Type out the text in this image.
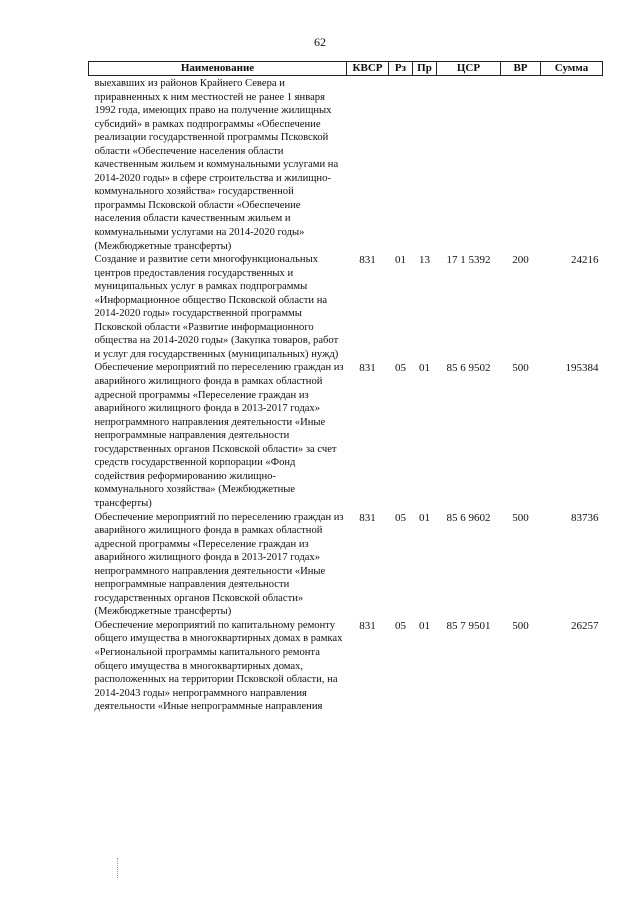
62
Наименование	КВСР	Рз	Пр	ЦСР	ВР	Сумма
выехавших из районов Крайнего Севера и приравненных к ним местностей не ранее 1 января 1992 года, имеющих право на получение жилищных субсидий» в рамках подпрограммы «Обеспечение реализации государственной программы Псковской области «Обеспечение населения области качественным жильем и коммунальными услугами на 2014-2020 годы» в сфере строительства и жилищно-коммунального хозяйства» государственной программы Псковской области «Обеспечение населения области качественным жильем и коммунальными услугами на 2014-2020 годы» (Межбюджетные трансферты)						
Создание и развитие сети многофункциональных центров предоставления государственных и муниципальных услуг в рамках подпрограммы «Информационное общество Псковской области на 2014-2020 годы» государственной программы Псковской области «Развитие информационного общества на 2014-2020 годы» (Закупка товаров, работ и услуг для государственных (муниципальных) нужд)	831	01	13	17 1 5392	200	24216
Обеспечение мероприятий по переселению граждан из аварийного жилищного фонда в рамках областной адресной программы «Переселение граждан из аварийного жилищного фонда в 2013-2017 годах» непрограммного направления деятельности «Иные непрограммные направления деятельности государственных органов Псковской области» за счет средств государственной корпорации «Фонд содействия реформированию жилищно-коммунального хозяйства» (Межбюджетные трансферты)	831	05	01	85 6 9502	500	195384
Обеспечение мероприятий по переселению граждан из аварийного жилищного фонда в рамках областной адресной программы «Переселение граждан из аварийного жилищного фонда в 2013-2017 годах» непрограммного направления деятельности «Иные непрограммные направления деятельности государственных органов Псковской области» (Межбюджетные трансферты)	831	05	01	85 6 9602	500	83736
Обеспечение мероприятий по капитальному ремонту общего имущества в многоквартирных домах в рамках «Региональной программы капитального ремонта общего имущества в многоквартирных домах, расположенных на территории Псковской области, на 2014-2043 годы» непрограммного направления деятельности «Иные непрограммные направления	831	05	01	85 7 9501	500	26257
